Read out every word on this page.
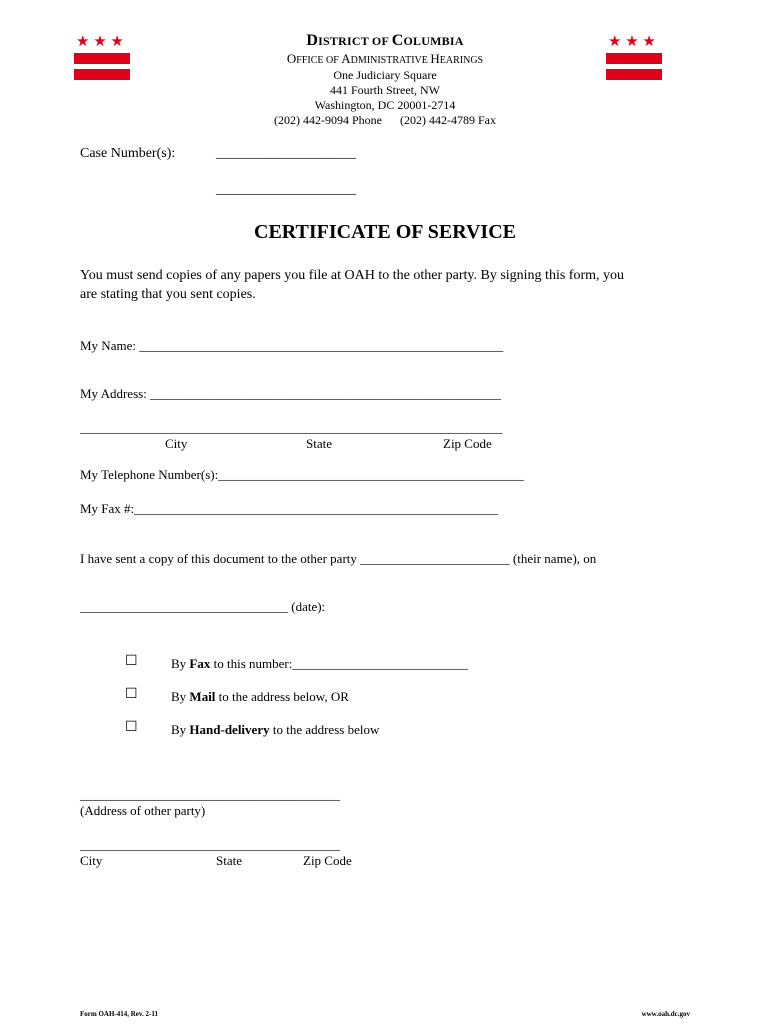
★ ★ ★	★ ★ ★
DISTRICT OF COLUMBIA
OFFICE OF ADMINISTRATIVE HEARINGS
One Judiciary Square
441 Fourth Street, NW
Washington, DC 20001-2714
(202) 442-9094 Phone (202) 442-4789 Fax
Case Number(s):	____________________
____________________
CERTIFICATE OF SERVICE
You must send copies of any papers you file at OAH to the other party. By signing this form, you
are stating that you sent copies.
My Name: ________________________________________________________
My Address: ______________________________________________________
_________________________________________________________________
City	State	Zip Code
My Telephone Number(s):_______________________________________________
My Fax #:________________________________________________________
I have sent a copy of this document to the other party _______________________ (their name), on
________________________________ (date):
☐	By Fax to this number:___________________________
☐	By Mail to the address below, OR
☐	By Hand-delivery to the address below
________________________________________
(Address of other party)
________________________________________
City	State	Zip Code
Form OAH-414, Rev. 2-11	www.oah.dc.gov
